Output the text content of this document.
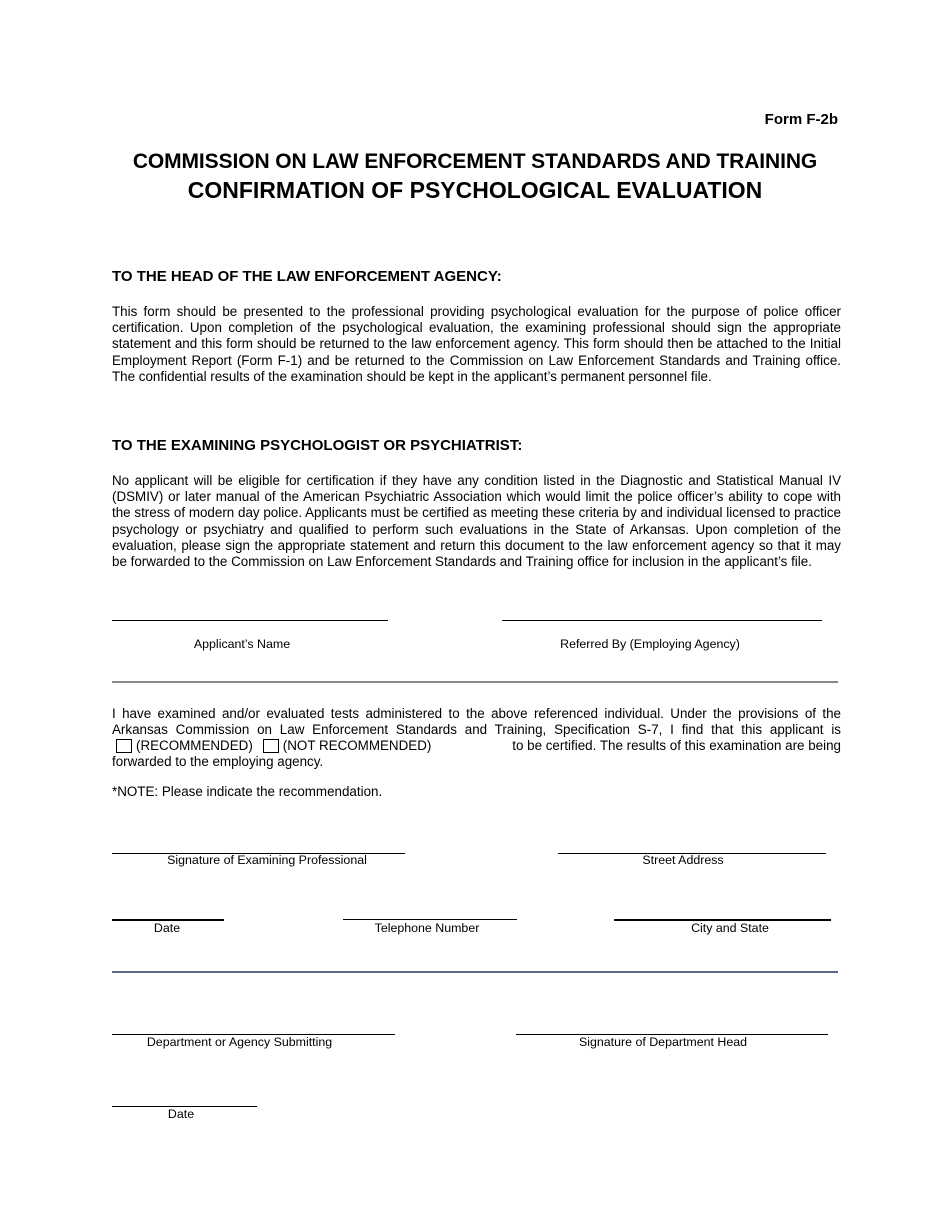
Form F-2b
COMMISSION ON LAW ENFORCEMENT STANDARDS AND TRAINING
CONFIRMATION OF PSYCHOLOGICAL EVALUATION
TO THE HEAD OF THE LAW ENFORCEMENT AGENCY:

This form should be presented to the professional providing psychological evaluation for the purpose of police officer certification. Upon completion of the psychological evaluation, the examining professional should sign the appropriate statement and this form should be returned to the law enforcement agency. This form should then be attached to the Initial Employment Report (Form F-1) and be returned to the Commission on Law Enforcement Standards and Training office. The confidential results of the examination should be kept in the applicant’s permanent personnel file.

TO THE EXAMINING PSYCHOLOGIST OR PSYCHIATRIST:

No applicant will be eligible for certification if they have any condition listed in the Diagnostic and Statistical Manual IV (DSMIV) or later manual of the American Psychiatric Association which would limit the police officer’s ability to cope with the stress of modern day police. Applicants must be certified as meeting these criteria by and individual licensed to practice psychology or psychiatry and qualified to perform such evaluations in the State of Arkansas. Upon completion of the evaluation, please sign the appropriate statement and return this document to the law enforcement agency so that it may be forwarded to the Commission on Law Enforcement Standards and Training office for inclusion in the applicant’s file.

Applicant’s Name	Referred By (Employing Agency)
I have examined and/or evaluated tests administered to the above referenced individual. Under the provisions of the
Arkansas Commission on Law Enforcement Standards and Training, Specification S-7, I find that this applicant is
(RECOMMENDED) (NOT RECOMMENDED)	to be certified. The results of this examination are being
forwarded to the employing agency.
*NOTE: Please indicate the recommendation.
Signature of Examining Professional	Street Address
Date	Telephone Number	City and State
Department or Agency Submitting	Signature of Department Head
Date
